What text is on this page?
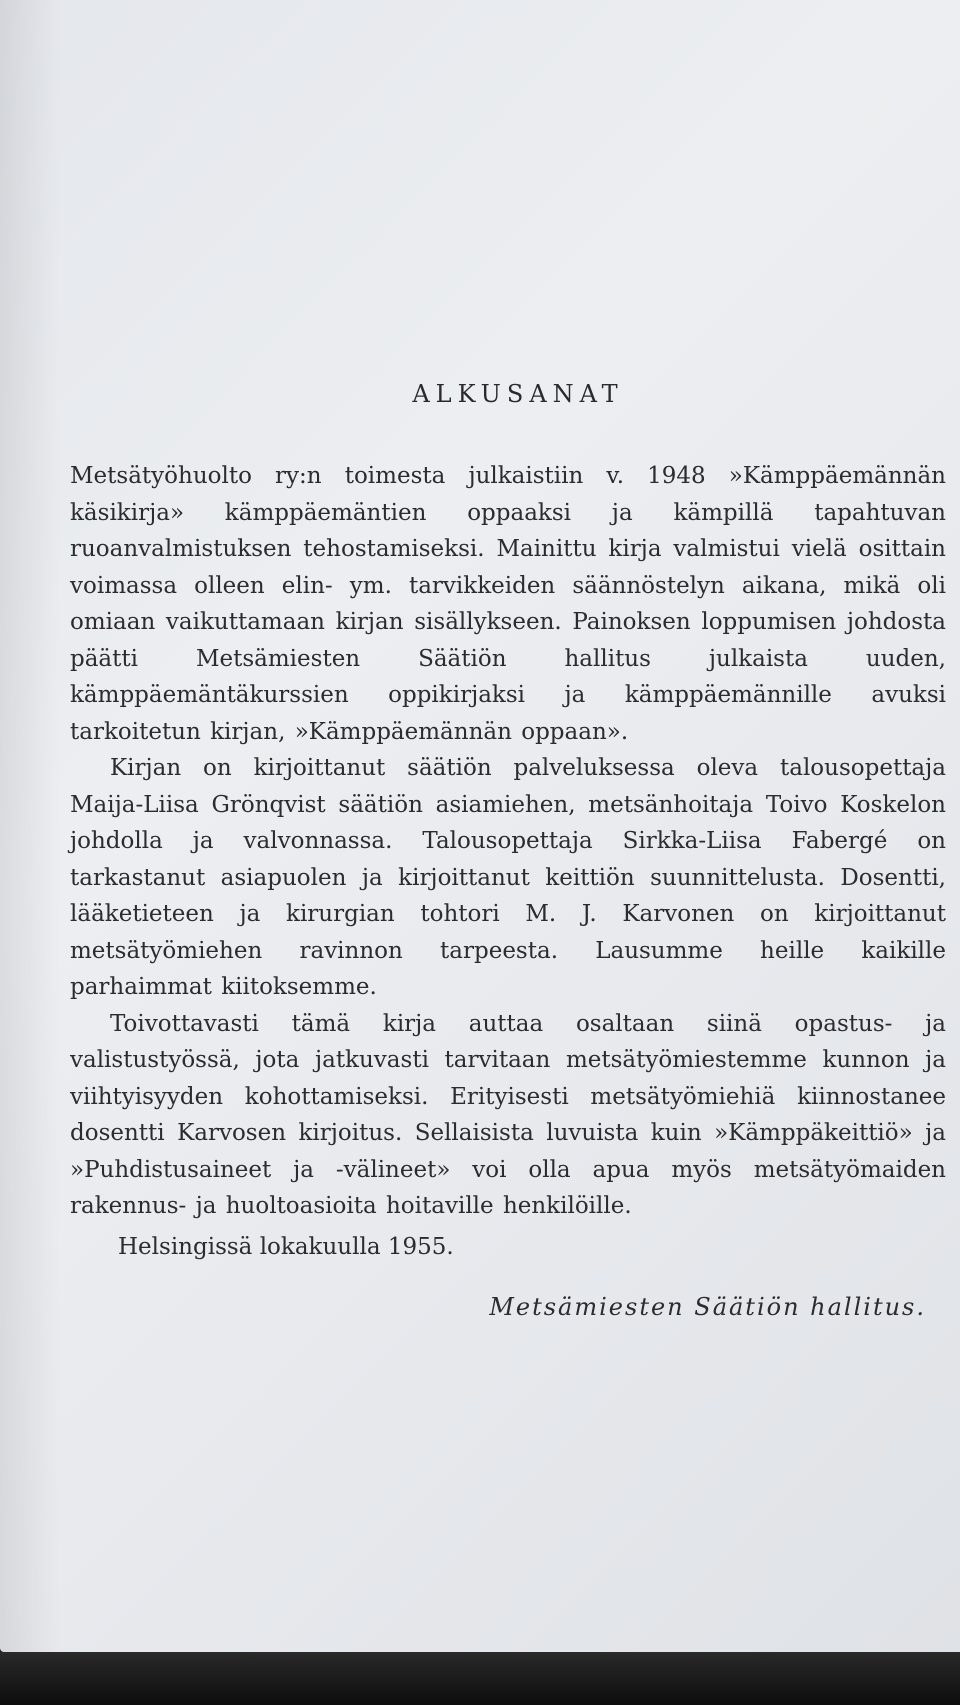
ALKUSANAT

Metsätyöhuolto ry:n toimesta julkaistiin v. 1948 »Kämppäemännän käsikirja» kämppäemäntien oppaaksi ja kämpillä tapahtuvan ruoanvalmistuksen tehostamiseksi. Mainittu kirja valmistui vielä osittain voimassa olleen elin- ym. tarvikkeiden säännöstelyn aikana, mikä oli omiaan vaikuttamaan kirjan sisällykseen. Painoksen loppumisen johdosta päätti Metsämiesten Säätiön hallitus julkaista uuden, kämppäemäntäkurssien oppikirjaksi ja kämppäemännille avuksi tarkoitetun kirjan, »Kämppäemännän oppaan».

Kirjan on kirjoittanut säätiön palveluksessa oleva talousopettaja Maija-Liisa Grönqvist säätiön asiamiehen, metsänhoitaja Toivo Koskelon johdolla ja valvonnassa. Talousopettaja Sirkka-Liisa Fabergé on tarkastanut asiapuolen ja kirjoittanut keittiön suunnittelusta. Dosentti, lääketieteen ja kirurgian tohtori M. J. Karvonen on kirjoittanut metsätyömiehen ravinnon tarpeesta. Lausumme heille kaikille parhaimmat kiitoksemme.

Toivottavasti tämä kirja auttaa osaltaan siinä opastus- ja valistustyössä, jota jatkuvasti tarvitaan metsätyömiestemme kunnon ja viihtyisyyden kohottamiseksi. Erityisesti metsätyömiehiä kiinnostanee dosentti Karvosen kirjoitus. Sellaisista luvuista kuin »Kämppäkeittiö» ja »Puhdistusaineet ja -välineet» voi olla apua myös metsätyömaiden rakennus- ja huoltoasioita hoitaville henkilöille.

Helsingissä lokakuulla 1955.

Metsämiesten Säätiön hallitus.
